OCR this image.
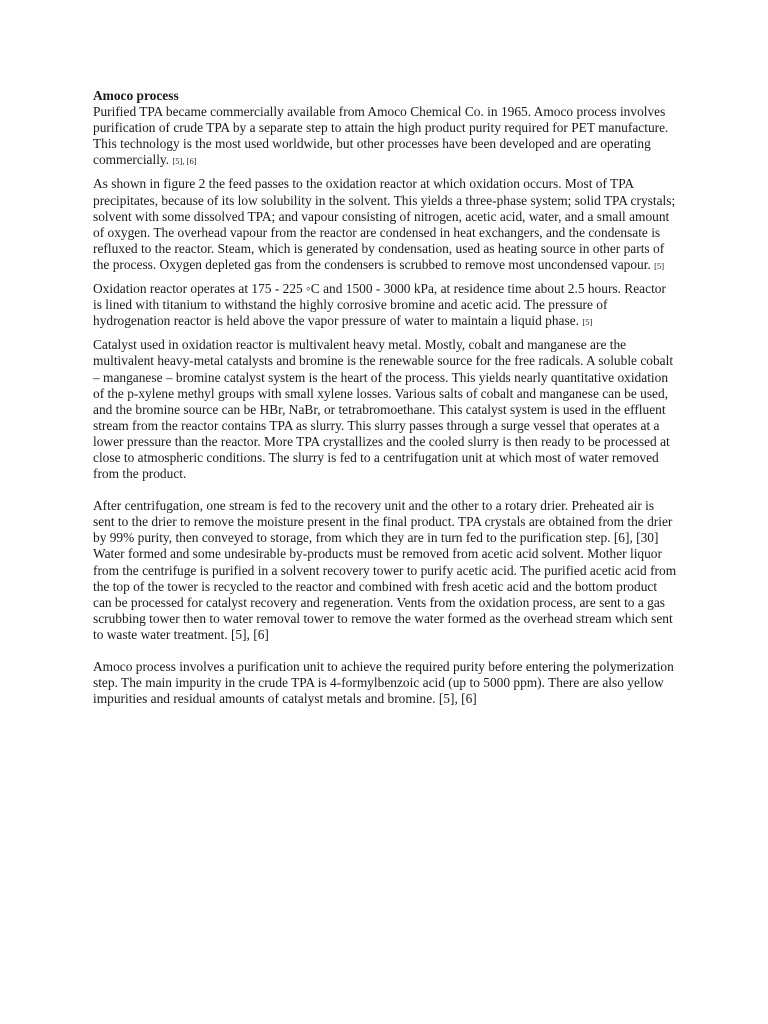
Amoco process

Purified TPA became commercially available from Amoco Chemical Co. in 1965. Amoco process involves purification of crude TPA by a separate step to attain the high product purity required for PET manufacture. This technology is the most used worldwide, but other processes have been developed and are operating commercially. [5], [6]

As shown in figure 2 the feed passes to the oxidation reactor at which oxidation occurs. Most of TPA precipitates, because of its low solubility in the solvent. This yields a three-phase system; solid TPA crystals; solvent with some dissolved TPA; and vapour consisting of nitrogen, acetic acid, water, and a small amount of oxygen. The overhead vapour from the reactor are condensed in heat exchangers, and the condensate is refluxed to the reactor. Steam, which is generated by condensation, used as heating source in other parts of the process. Oxygen depleted gas from the condensers is scrubbed to remove most uncondensed vapour. [5]

Oxidation reactor operates at 175 - 225 ◦C and 1500 - 3000 kPa, at residence time about 2.5 hours. Reactor is lined with titanium to withstand the highly corrosive bromine and acetic acid. The pressure of hydrogenation reactor is held above the vapor pressure of water to maintain a liquid phase. [5]

Catalyst used in oxidation reactor is multivalent heavy metal. Mostly, cobalt and manganese are the multivalent heavy-metal catalysts and bromine is the renewable source for the free radicals. A soluble cobalt – manganese – bromine catalyst system is the heart of the process. This yields nearly quantitative oxidation of the p-xylene methyl groups with small xylene losses. Various salts of cobalt and manganese can be used, and the bromine source can be HBr, NaBr, or tetrabromoethane. This catalyst system is used in the effluent stream from the reactor contains TPA as slurry. This slurry passes through a surge vessel that operates at a lower pressure than the reactor. More TPA crystallizes and the cooled slurry is then ready to be processed at close to atmospheric conditions. The slurry is fed to a centrifugation unit at which most of water removed from the product.

After centrifugation, one stream is fed to the recovery unit and the other to a rotary drier. Preheated air is sent to the drier to remove the moisture present in the final product. TPA crystals are obtained from the drier by 99% purity, then conveyed to storage, from which they are in turn fed to the purification step. [6], [30] Water formed and some undesirable by-products must be removed from acetic acid solvent. Mother liquor from the centrifuge is purified in a solvent recovery tower to purify acetic acid. The purified acetic acid from the top of the tower is recycled to the reactor and combined with fresh acetic acid and the bottom product can be processed for catalyst recovery and regeneration. Vents from the oxidation process, are sent to a gas scrubbing tower then to water removal tower to remove the water formed as the overhead stream which sent to waste water treatment. [5], [6]

Amoco process involves a purification unit to achieve the required purity before entering the polymerization step. The main impurity in the crude TPA is 4-formylbenzoic acid (up to 5000 ppm). There are also yellow impurities and residual amounts of catalyst metals and bromine. [5], [6]
